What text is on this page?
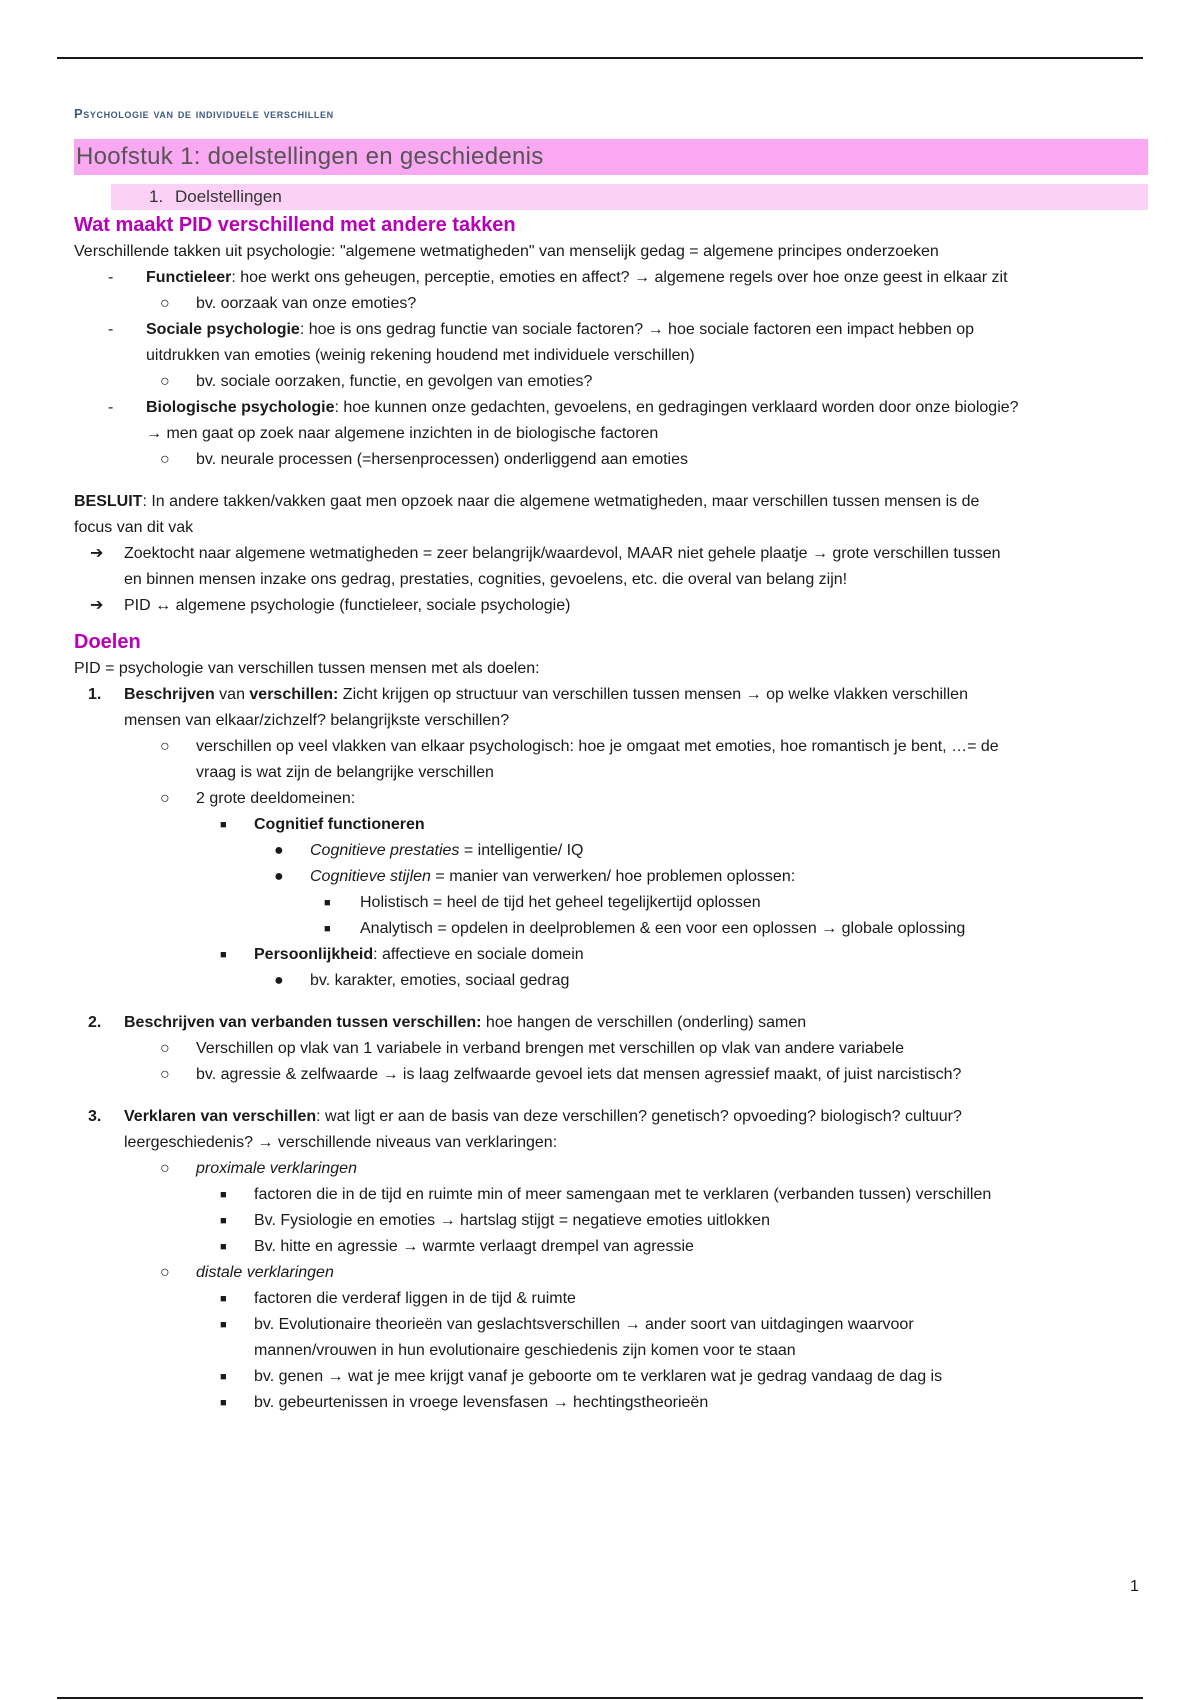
Psychologie van de individuele verschillen
Hoofstuk 1: doelstellingen en geschiedenis
1. Doelstellingen
Wat maakt PID verschillend met andere takken
Verschillende takken uit psychologie: "algemene wetmatigheden" van menselijk gedag = algemene principes onderzoeken
- Functieleer: hoe werkt ons geheugen, perceptie, emoties en affect? → algemene regels over hoe onze geest in elkaar zit
○ bv. oorzaak van onze emoties?
- Sociale psychologie: hoe is ons gedrag functie van sociale factoren? → hoe sociale factoren een impact hebben op
uitdrukken van emoties (weinig rekening houdend met individuele verschillen)
○ bv. sociale oorzaken, functie, en gevolgen van emoties?
- Biologische psychologie: hoe kunnen onze gedachten, gevoelens, en gedragingen verklaard worden door onze biologie?
→ men gaat op zoek naar algemene inzichten in de biologische factoren
○ bv. neurale processen (=hersenprocessen) onderliggend aan emoties
BESLUIT: In andere takken/vakken gaat men opzoek naar die algemene wetmatigheden, maar verschillen tussen mensen is de
focus van dit vak
➔ Zoektocht naar algemene wetmatigheden = zeer belangrijk/waardevol, MAAR niet gehele plaatje → grote verschillen tussen
en binnen mensen inzake ons gedrag, prestaties, cognities, gevoelens, etc. die overal van belang zijn!
➔ PID ↔ algemene psychologie (functieleer, sociale psychologie)
Doelen
PID = psychologie van verschillen tussen mensen met als doelen:
1. Beschrijven van verschillen: Zicht krijgen op structuur van verschillen tussen mensen → op welke vlakken verschillen
mensen van elkaar/zichzelf? belangrijkste verschillen?
○ verschillen op veel vlakken van elkaar psychologisch: hoe je omgaat met emoties, hoe romantisch je bent, …= de
vraag is wat zijn de belangrijke verschillen
○ 2 grote deeldomeinen:
■ Cognitief functioneren
● Cognitieve prestaties = intelligentie/ IQ
● Cognitieve stijlen = manier van verwerken/ hoe problemen oplossen:
■ Holistisch = heel de tijd het geheel tegelijkertijd oplossen
■ Analytisch = opdelen in deelproblemen & een voor een oplossen → globale oplossing
■ Persoonlijkheid: affectieve en sociale domein
● bv. karakter, emoties, sociaal gedrag
2. Beschrijven van verbanden tussen verschillen: hoe hangen de verschillen (onderling) samen
○ Verschillen op vlak van 1 variabele in verband brengen met verschillen op vlak van andere variabele
○ bv. agressie & zelfwaarde → is laag zelfwaarde gevoel iets dat mensen agressief maakt, of juist narcistisch?
3. Verklaren van verschillen: wat ligt er aan de basis van deze verschillen? genetisch? opvoeding? biologisch? cultuur?
leergeschiedenis? → verschillende niveaus van verklaringen:
○ proximale verklaringen
■ factoren die in de tijd en ruimte min of meer samengaan met te verklaren (verbanden tussen) verschillen
■ Bv. Fysiologie en emoties → hartslag stijgt = negatieve emoties uitlokken
■ Bv. hitte en agressie → warmte verlaagt drempel van agressie
○ distale verklaringen
■ factoren die verderaf liggen in de tijd & ruimte
■ bv. Evolutionaire theorieën van geslachtsverschillen → ander soort van uitdagingen waarvoor
mannen/vrouwen in hun evolutionaire geschiedenis zijn komen voor te staan
■ bv. genen → wat je mee krijgt vanaf je geboorte om te verklaren wat je gedrag vandaag de dag is
■ bv. gebeurtenissen in vroege levensfasen → hechtingstheorieën
1
